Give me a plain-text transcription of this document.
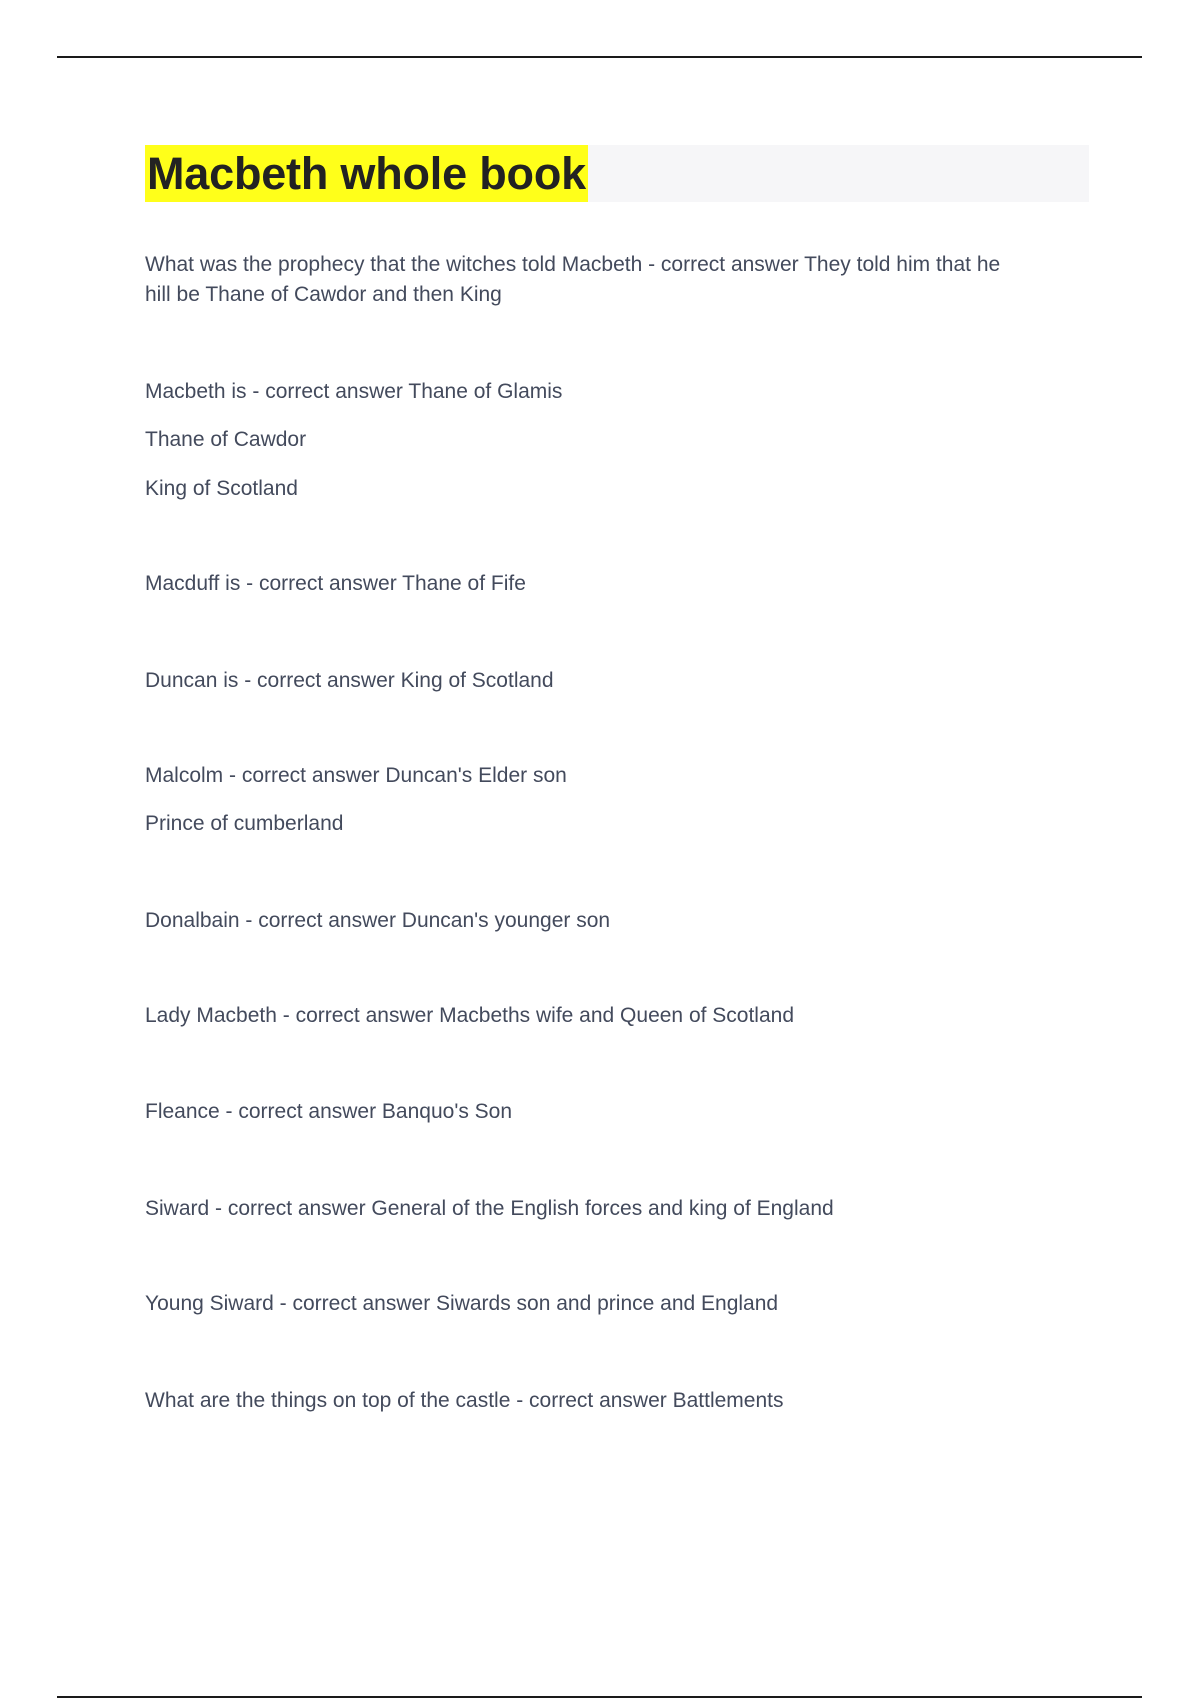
Macbeth whole book
What was the prophecy that the witches told Macbeth - correct answer They told him that he
hill be Thane of Cawdor and then King
Macbeth is - correct answer Thane of Glamis
Thane of Cawdor
King of Scotland
Macduff is - correct answer Thane of Fife
Duncan is - correct answer King of Scotland
Malcolm - correct answer Duncan's Elder son
Prince of cumberland
Donalbain - correct answer Duncan's younger son
Lady Macbeth - correct answer Macbeths wife and Queen of Scotland
Fleance - correct answer Banquo's Son
Siward - correct answer General of the English forces and king of England
Young Siward - correct answer Siwards son and prince and England
What are the things on top of the castle - correct answer Battlements
